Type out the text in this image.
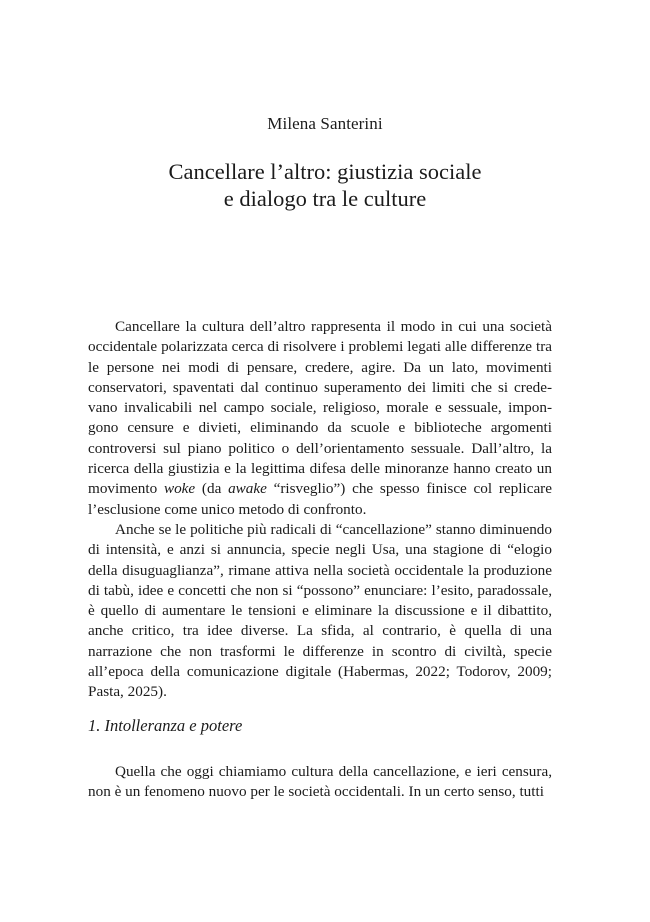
Milena Santerini
Cancellare l’altro: giustizia sociale
e dialogo tra le culture

Cancellare la cultura dell’altro rappresenta il modo in cui una società occidentale polarizzata cerca di risolvere i problemi legati alle differenze tra le persone nei modi di pensare, credere, agire. Da un lato, movimenti conservatori, spaventati dal continuo superamento dei limiti che si credevano invalicabili nel campo sociale, religioso, morale e sessuale, impongono censure e divieti, eliminando da scuole e biblioteche argomenti controversi sul piano politico o dell’orientamento sessuale. Dall’altro, la ricerca della giustizia e la legittima difesa delle minoranze hanno creato un movimento woke (da awake “risveglio”) che spesso finisce col replicare l’esclusione come unico metodo di confronto.

Anche se le politiche più radicali di “cancellazione” stanno diminuendo di intensità, e anzi si annuncia, specie negli Usa, una stagione di “elogio della disuguaglianza”, rimane attiva nella società occidentale la produzione di tabù, idee e concetti che non si “possono” enunciare: l’esito, paradossale, è quello di aumentare le tensioni e eliminare la discussione e il dibattito, anche critico, tra idee diverse. La sfida, al contrario, è quella di una narrazione che non trasformi le differenze in scontro di civiltà, specie all’epoca della comunicazione digitale (Habermas, 2022; Todorov, 2009; Pasta, 2025).

1. Intolleranza e potere

Quella che oggi chiamiamo cultura della cancellazione, e ieri censura, non è un fenomeno nuovo per le società occidentali. In un certo senso, tutti
